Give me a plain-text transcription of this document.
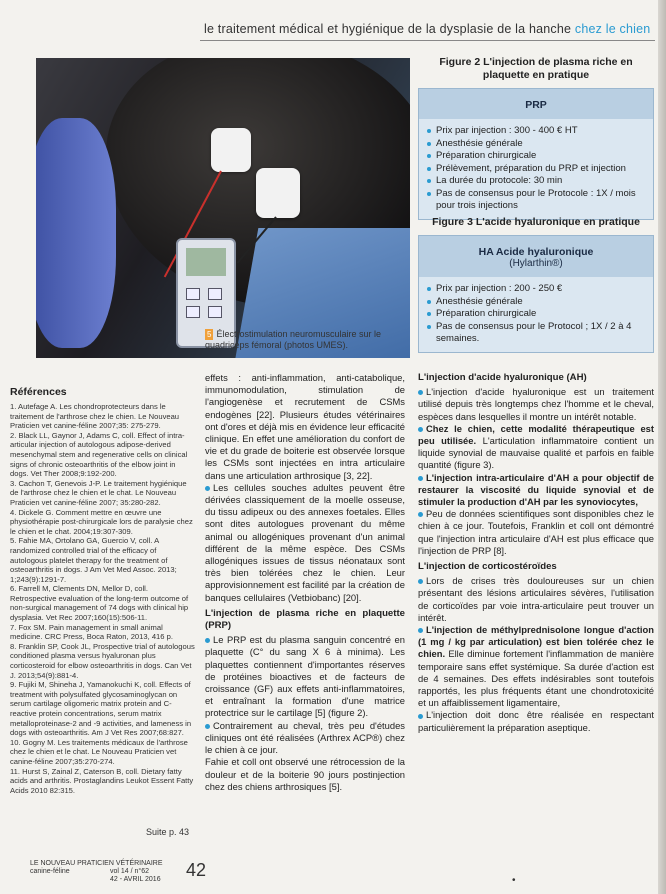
le traitement médical et hygiénique de la dysplasie de la hanche chez le chien
5 Électrostimulation neuromusculaire sur le quadriceps fémoral (photos UMES).
Figure 2 L'injection de plasma riche en plaquette en pratique
PRP
Prix par injection : 300 - 400 € HT
Anesthésie générale
Préparation chirurgicale
Prélèvement, préparation du PRP et injection
La durée du protocole: 30 min
Pas de consensus pour le Protocole : 1X / mois pour trois injections
Figure 3 L'acide hyaluronique en pratique
HA Acide hyaluronique
(Hylarthin®)
Prix par injection : 200 - 250 €
Anesthésie générale
Préparation chirurgicale
Pas de consensus pour le Protocol ; 1X / 2 à 4 semaines.
Références
1. Autefage A. Les chondroprotecteurs dans le traitement de l'arthrose chez le chien. Le Nouveau Praticien vet canine-féline 2007;35: 275-279.
2. Black LL, Gaynor J, Adams C, coll. Effect of intra-articular injection of autologous adipose-derived mesenchymal stem and regenerative cells on clinical signs of chronic osteoarthritis of the elbow joint in dogs. Vet Ther 2008;9:192-200.
3. Cachon T, Genevois J-P. Le traitement hygiénique de l'arthrose chez le chien et le chat. Le Nouveau Praticien vet canine-féline 2007; 35:280-282.
4. Dickele G. Comment mettre en œuvre une physiothérapie post-chirurgicale lors de paralysie chez le chien et le chat. 2004;19:307-309.
5. Fahie MA, Ortolano GA, Guercio V, coll. A randomized controlled trial of the efficacy of autologous platelet therapy for the treatment of osteoarthritis in dogs. J Am Vet Med Assoc. 2013; 1;243(9):1291-7.
6. Farrell M, Clements DN, Mellor D, coll. Retrospective evaluation of the long-term outcome of non-surgical management of 74 dogs with clinical hip dysplasia. Vet Rec 2007;160(15):506-11.
7. Fox SM. Pain management in small animal medicine. CRC Press, Boca Raton, 2013, 416 p.
8. Franklin SP, Cook JL, Prospective trial of autologous conditioned plasma versus hyaluronan plus corticosteroid for elbow osteoarthritis in dogs. Can Vet J. 2013;54(9):881-4.
9. Fujiki M, Shineha J, Yamanokuchi K, coll. Effects of treatment with polysulfated glycosaminoglycan on serum cartilage oligomeric matrix protein and C-reactive protein concentrations, serum matrix metalloproteinase-2 and -9 activities, and lameness in dogs with osteoarthritis. Am J Vet Res 2007;68:827.
10. Gogny M. Les traitements médicaux de l'arthrose chez le chien et le chat. Le Nouveau Praticien vet canine-féline 2007;35:270-274.
11. Hurst S, Zainal Z, Caterson B, coll. Dietary fatty acids and arthritis. Prostaglandins Leukot Essent Fatty Acids 2010 82:315.
Suite p. 43

effets : anti-inflammation, anti-catabolique, immunomodulation, stimulation de l'angiogenèse et recrutement de CSMs endogènes [22]. Plusieurs études vétérinaires ont d'ores et déjà mis en évidence leur efficacité clinique. En effet une amélioration du confort de vie et du grade de boiterie est observée lorsque les CSMs sont injectées en intra articulaire dans une articulation arthrosique [3, 22].

Les cellules souches adultes peuvent être dérivées classiquement de la moelle osseuse, du tissu adipeux ou des annexes foetales. Elles sont dites autologues provenant du même animal ou allogéniques provenant d'un animal différent de la même espèce. Des CSMs allogéniques issues de tissus néonataux sont très bien tolérées chez le chien. Leur approvisionnement est facilité par la création de banques cellulaires (Vetbiobanc) [20].

L'injection de plasma riche en plaquette (PRP)

Le PRP est du plasma sanguin concentré en plaquette (C° du sang X 6 à minima). Les plaquettes contiennent d'importantes réserves de protéines bioactives et de facteurs de croissance (GF) aux effets anti-inflammatoires, et entraînant la formation d'une matrice protectrice sur le cartilage [5] (figure 2).

Contrairement au cheval, très peu d'études cliniques ont été réalisées (Arthrex ACP®) chez le chien à ce jour.

Fahie et coll ont observé une rétrocession de la douleur et de la boiterie 90 jours postinjection chez des chiens arthrosiques [5].

L'injection d'acide hyaluronique (AH)

L'injection d'acide hyaluronique est un traitement utilisé depuis très longtemps chez l'homme et le cheval, espèces dans lesquelles il montre un intérêt notable.

Chez le chien, cette modalité thérapeutique est peu utilisée. L'articulation inflammatoire contient un liquide synovial de mauvaise qualité et parfois en faible quantité (figure 3).

L'injection intra-articulaire d'AH a pour objectif de restaurer la viscosité du liquide synovial et de stimuler la production d'AH par les synoviocytes,

Peu de données scientifiques sont disponibles chez le chien à ce jour. Toutefois, Franklin et coll ont démontré que l'injection intra articulaire d'AH est plus efficace que l'injection de PRP [8].

L'injection de corticostéroïdes

Lors de crises très douloureuses sur un chien présentant des lésions articulaires sévères, l'utilisation de corticoïdes par voie intra-articulaire peut trouver un intérêt.

L'injection de méthylprednisolone longue d'action (1 mg / kg par articulation) est bien tolérée chez le chien. Elle diminue fortement l'inflammation de manière temporaire sans effet systémique. Sa durée d'action est de 4 semaines. Des effets indésirables sont toutefois rapportés, les plus fréquents étant une chondrotoxicité et un affaiblissement ligamentaire,

L'injection doit donc être réalisée en respectant particulièrement la préparation aseptique.

LE NOUVEAU PRATICIEN VÉTÉRINAIRE
canine-féline	vol 14 / n°62
42 - AVRIL 2016 42
•
